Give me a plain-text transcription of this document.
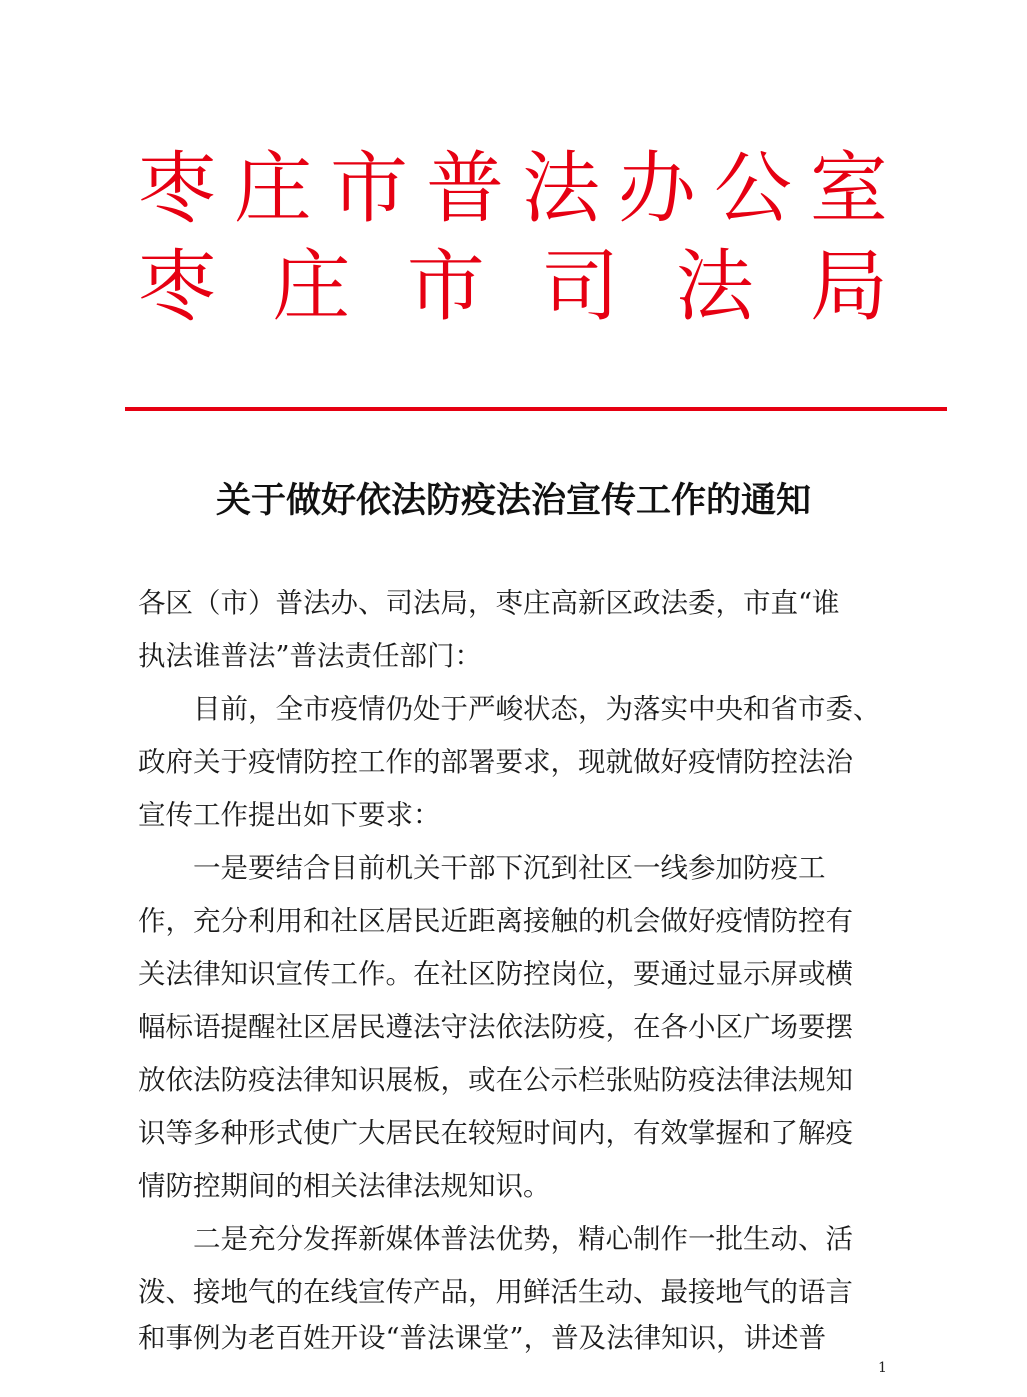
枣 庄 市 普 法 办 公 室
枣 庄 市 司 法 局
关于做好依法防疫法治宣传工作的通知
各区（市）普法办、司法局，枣庄高新区政法委，市直“谁
执法谁普法”普法责任部门：
　　目前，全市疫情仍处于严峻状态，为落实中央和省市委、
政府关于疫情防控工作的部署要求，现就做好疫情防控法治
宣传工作提出如下要求：
　　一是要结合目前机关干部下沉到社区一线参加防疫工
作，充分利用和社区居民近距离接触的机会做好疫情防控有
关法律知识宣传工作。在社区防控岗位，要通过显示屏或横
幅标语提醒社区居民遵法守法依法防疫，在各小区广场要摆
放依法防疫法律知识展板，或在公示栏张贴防疫法律法规知
识等多种形式使广大居民在较短时间内，有效掌握和了解疫
情防控期间的相关法律法规知识。
　　二是充分发挥新媒体普法优势，精心制作一批生动、活
泼、接地气的在线宣传产品，用鲜活生动、最接地气的语言
和事例为老百姓开设“普法课堂”，普及法律知识，讲述普
1
